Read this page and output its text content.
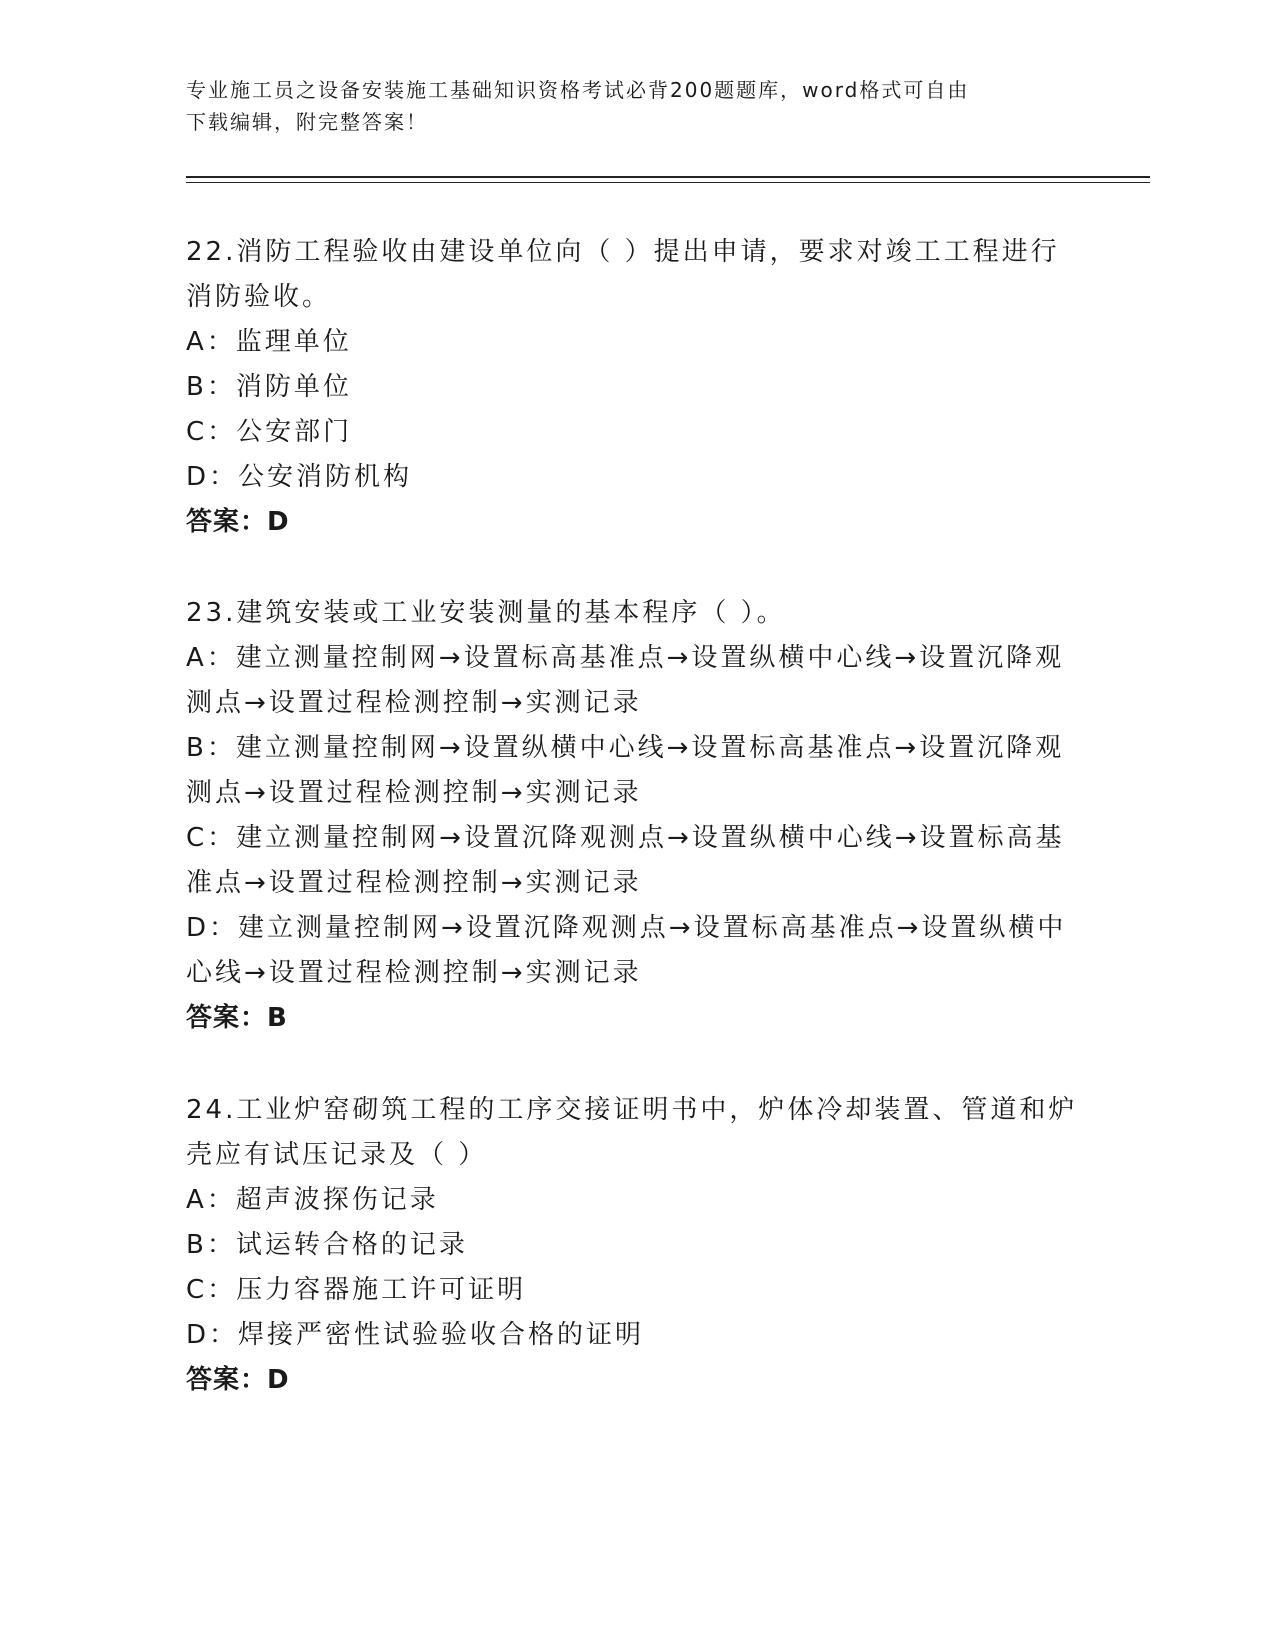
专业施工员之设备安装施工基础知识资格考试必背200题题库，word格式可自由
下载编辑，附完整答案！
22.消防工程验收由建设单位向（ ）提出申请，要求对竣工工程进行
消防验收。
A：监理单位
B：消防单位
C：公安部门
D：公安消防机构
答案：D
23.建筑安装或工业安装测量的基本程序（ ）。
A：建立测量控制网→设置标高基准点→设置纵横中心线→设置沉降观
测点→设置过程检测控制→实测记录
B：建立测量控制网→设置纵横中心线→设置标高基准点→设置沉降观
测点→设置过程检测控制→实测记录
C：建立测量控制网→设置沉降观测点→设置纵横中心线→设置标高基
准点→设置过程检测控制→实测记录
D：建立测量控制网→设置沉降观测点→设置标高基准点→设置纵横中
心线→设置过程检测控制→实测记录
答案：B
24.工业炉窑砌筑工程的工序交接证明书中，炉体冷却装置、管道和炉
壳应有试压记录及（ ）
A：超声波探伤记录
B：试运转合格的记录
C：压力容器施工许可证明
D：焊接严密性试验验收合格的证明
答案：D
